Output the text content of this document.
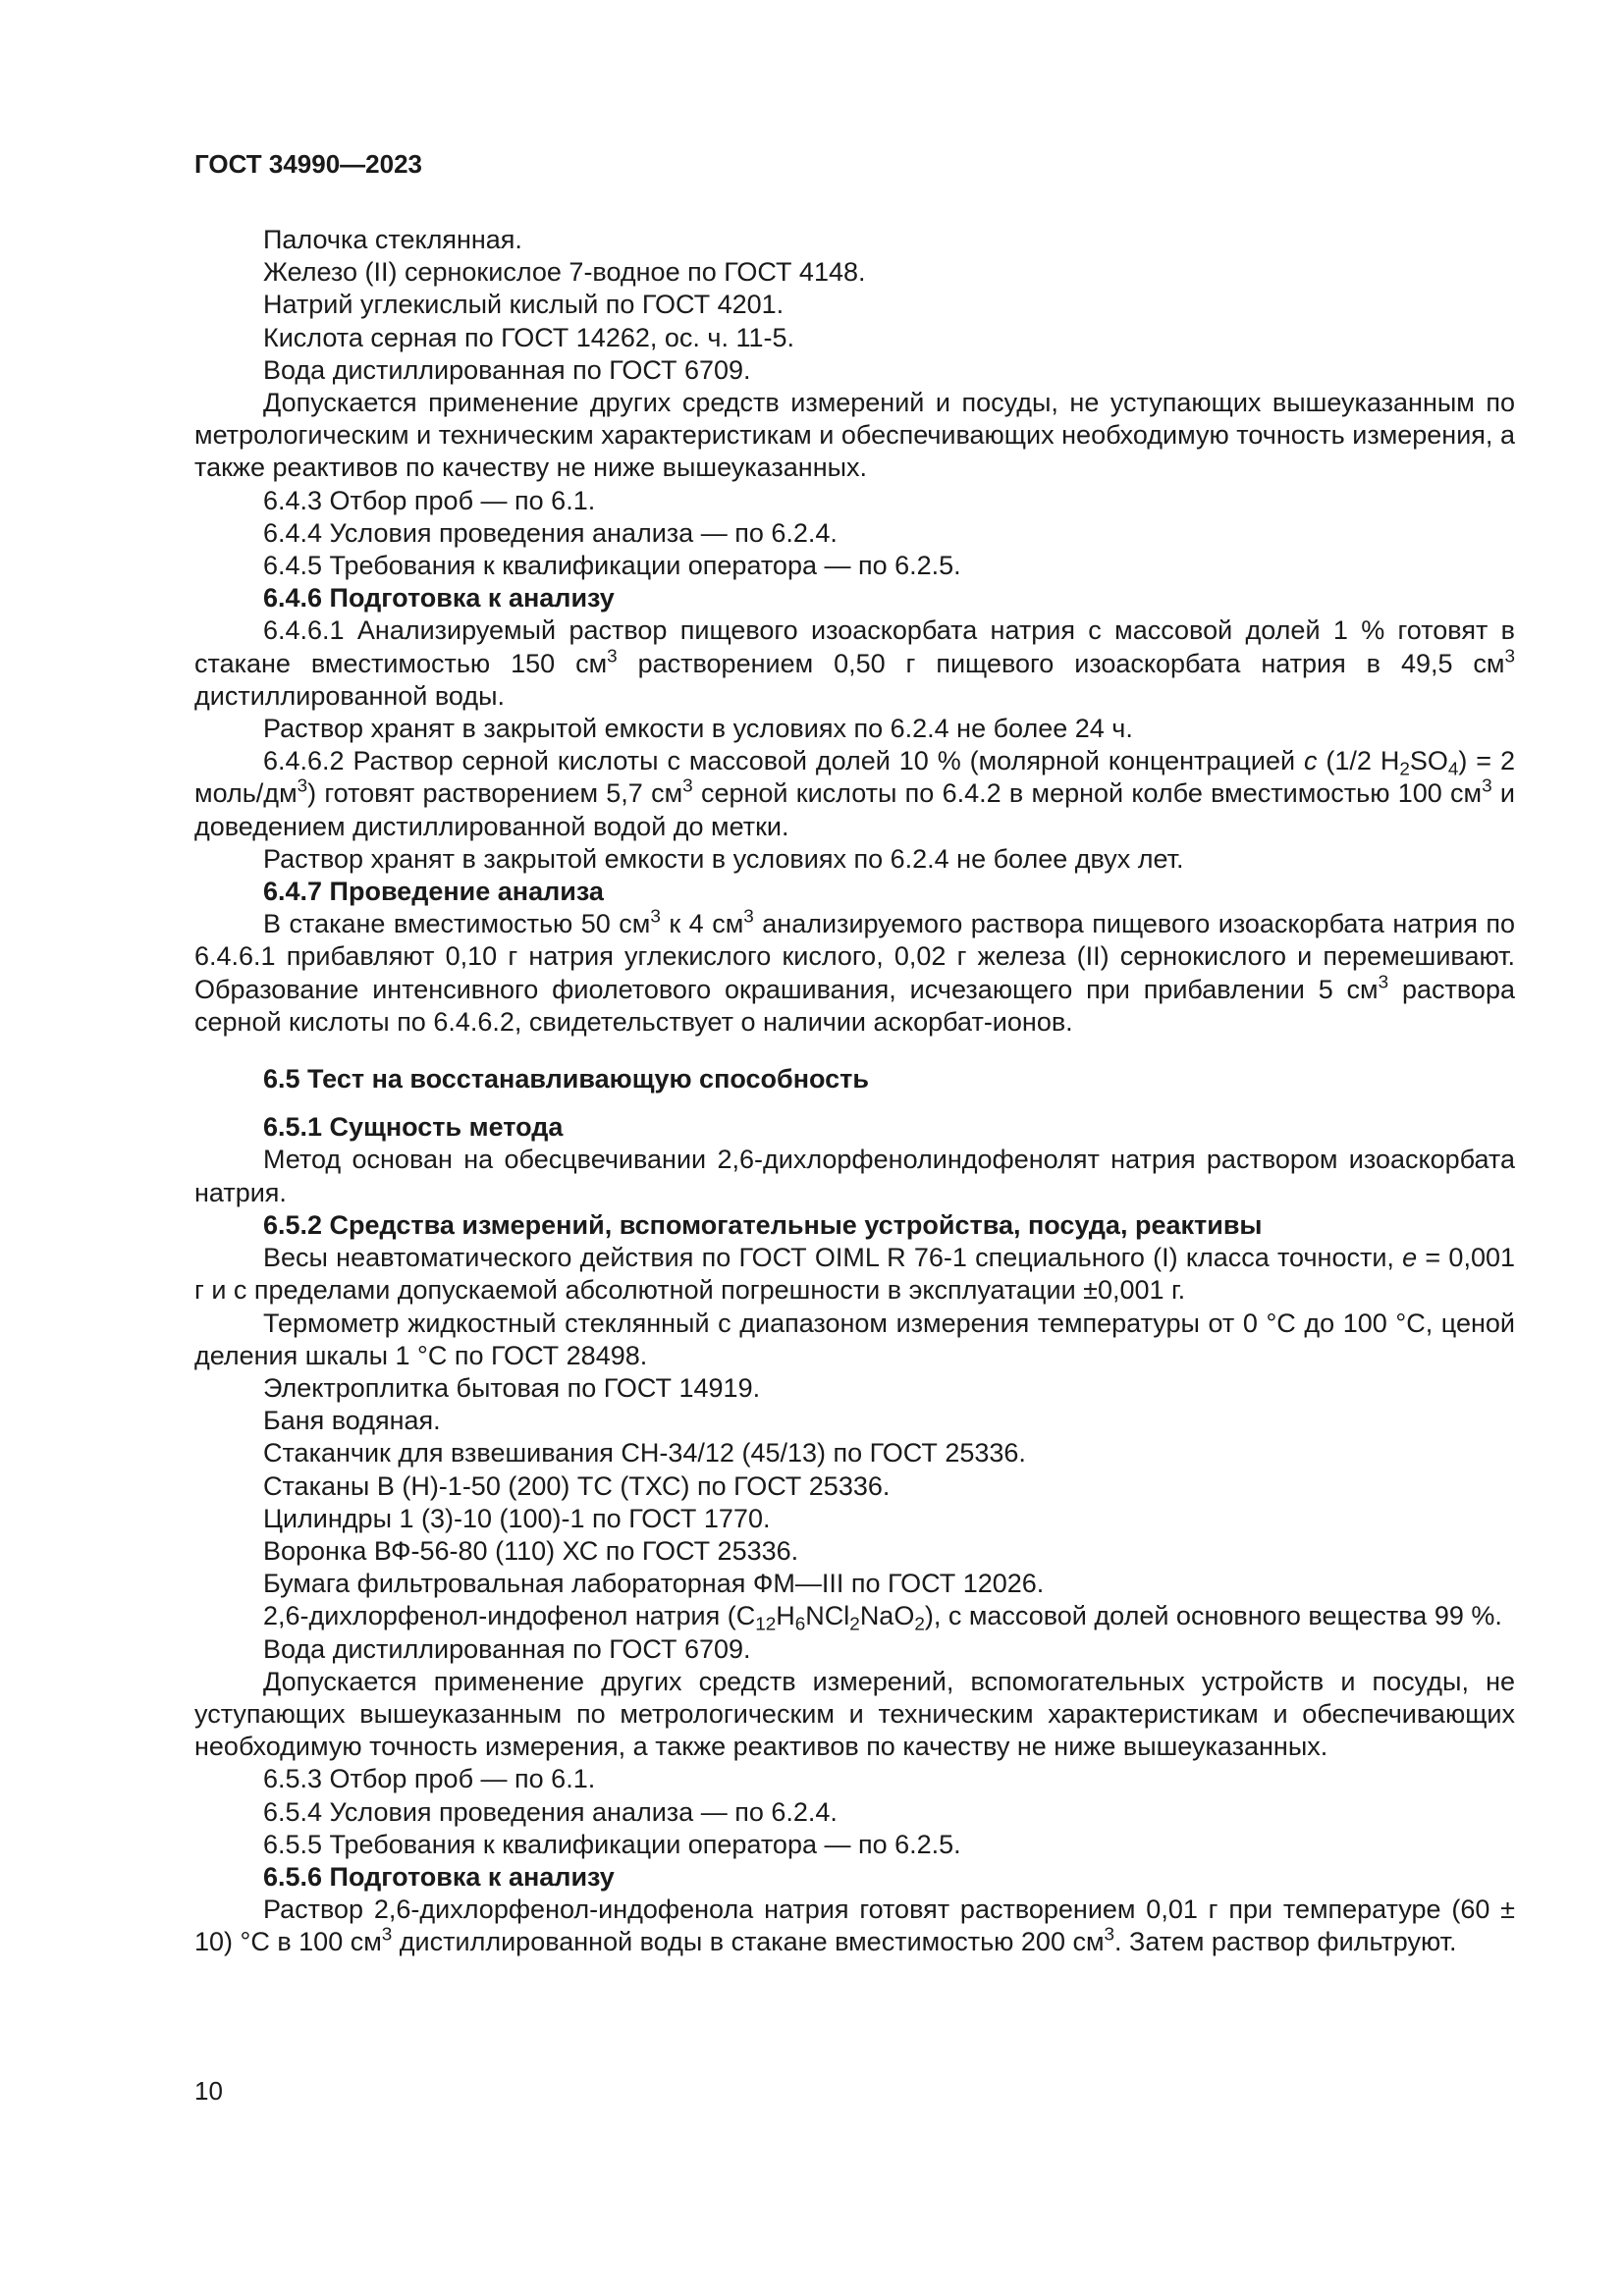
ГОСТ 34990—2023

Палочка стеклянная.

Железо (II) сернокислое 7-водное по ГОСТ 4148.

Натрий углекислый кислый по ГОСТ 4201.

Кислота серная по ГОСТ 14262, ос. ч. 11-5.

Вода дистиллированная по ГОСТ 6709.

Допускается применение других средств измерений и посуды, не уступающих вышеуказанным по метрологическим и техническим характеристикам и обеспечивающих необходимую точность измерения, а также реактивов по качеству не ниже вышеуказанных.

6.4.3 Отбор проб — по 6.1.

6.4.4 Условия проведения анализа — по 6.2.4.

6.4.5 Требования к квалификации оператора — по 6.2.5.

6.4.6 Подготовка к анализу

6.4.6.1 Анализируемый раствор пищевого изоаскорбата натрия с массовой долей 1 % готовят в стакане вместимостью 150 $см^3$ растворением 0,50 г пищевого изоаскорбата натрия в 49,5 $см^3$ дистиллированной воды.

Раствор хранят в закрытой емкости в условиях по 6.2.4 не более 24 ч.

6.4.6.2 Раствор серной кислоты с массовой долей 10 % (молярной концентрацией c (1/2 $H_2SO_4) = 2$ моль/$дм^3$) готовят растворением 5,7 $см^3$ серной кислоты по 6.4.2 в мерной колбе вместимостью 100 $см^3$ и доведением дистиллированной водой до метки.

Раствор хранят в закрытой емкости в условиях по 6.2.4 не более двух лет.

6.4.7 Проведение анализа

В стакане вместимостью 50 $см^3$ к 4 $см^3$ анализируемого раствора пищевого изоаскорбата натрия по 6.4.6.1 прибавляют 0,10 г натрия углекислого кислого, 0,02 г железа (II) сернокислого и перемешивают. Образование интенсивного фиолетового окрашивания, исчезающего при прибавлении 5 $см^3$ раствора серной кислоты по 6.4.6.2, свидетельствует о наличии аскорбат-ионов.

6.5 Тест на восстанавливающую способность

6.5.1 Сущность метода

Метод основан на обесцвечивании 2,6-дихлорфенолиндофенолят натрия раствором изоаскорбата натрия.

6.5.2 Средства измерений, вспомогательные устройства, посуда, реактивы

Весы неавтоматического действия по ГОСТ OIML R 76-1 специального (I) класса точности, e = 0,001 г и с пределами допускаемой абсолютной погрешности в эксплуатации ±0,001 г.

Термометр жидкостный стеклянный с диапазоном измерения температуры от 0 °C до 100 °C, ценой деления шкалы 1 °C по ГОСТ 28498.

Электроплитка бытовая по ГОСТ 14919.

Баня водяная.

Стаканчик для взвешивания СН-34/12 (45/13) по ГОСТ 25336.

Стаканы В (Н)-1-50 (200) ТС (ТХС) по ГОСТ 25336.

Цилиндры 1 (3)-10 (100)-1 по ГОСТ 1770.

Воронка ВФ-56-80 (110) ХС по ГОСТ 25336.

Бумага фильтровальная лабораторная ФМ—III по ГОСТ 12026.

2,6-дихлорфенол-индофенол натрия $(C_{12}H_6NCl_2NaO_2)$, с массовой долей основного вещества 99 %.

Вода дистиллированная по ГОСТ 6709.

Допускается применение других средств измерений, вспомогательных устройств и посуды, не уступающих вышеуказанным по метрологическим и техническим характеристикам и обеспечивающих необходимую точность измерения, а также реактивов по качеству не ниже вышеуказанных.

6.5.3 Отбор проб — по 6.1.

6.5.4 Условия проведения анализа — по 6.2.4.

6.5.5 Требования к квалификации оператора — по 6.2.5.

6.5.6 Подготовка к анализу

Раствор 2,6-дихлорфенол-индофенола натрия готовят растворением 0,01 г при температуре (60 ± 10) °C в 100 $см^3$ дистиллированной воды в стакане вместимостью 200 $см^3$. Затем раствор фильтруют.

10
